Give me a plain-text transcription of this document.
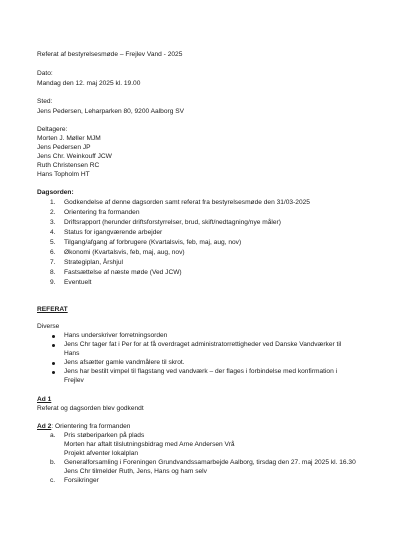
Referat af bestyrelsesmøde – Frejlev Vand - 2025
Dato:
Mandag den 12. maj 2025 kl. 19.00
Sted:
Jens Pedersen, Leharparken 80, 9200 Aalborg SV
Deltagere:
Morten J. Møller MJM
Jens Pedersen JP
Jens Chr. Weinkouff JCW
Ruth Christensen RC
Hans Topholm HT
Dagsorden:
1. Godkendelse af denne dagsorden samt referat fra bestyrelsesmøde den 31/03-2025
2. Orientering fra formanden
3. Driftsrapport (herunder driftsforstyrrelser, brud, skift/nedtagning/nye måler)
4. Status for igangværende arbejder
5. Tilgang/afgang af forbrugere (Kvartalsvis, feb, maj, aug, nov)
6. Økonomi (Kvartalsvis, feb, maj, aug, nov)
7. Strategiplan, Årshjul
8. Fastsættelse af næste møde (Ved JCW)
9. Eventuelt
REFERAT
Diverse
Hans underskriver forretningsorden
Jens Chr tager fat i Per for at få overdraget administratorrettigheder ved Danske Vandværker til
Hans
Jens afsætter gamle vandmålere til skrot.
Jens har bestilt vimpel til flagstang ved vandværk – der flages i forbindelse med konfirmation i
Frejlev
Ad 1
Referat og dagsorden blev godkendt
Ad 2: Orientering fra formanden
a. Pris støberiparken på plads
Morten har aftalt tilslutningsbidrag med Arne Andersen Vrå
Projekt afventer lokalplan
b. Generalforsamling i Foreningen Grundvandssamarbejde Aalborg, tirsdag den 27. maj 2025 kl. 16.30
Jens Chr tilmelder Ruth, Jens, Hans og ham selv
c. Forsikringer
